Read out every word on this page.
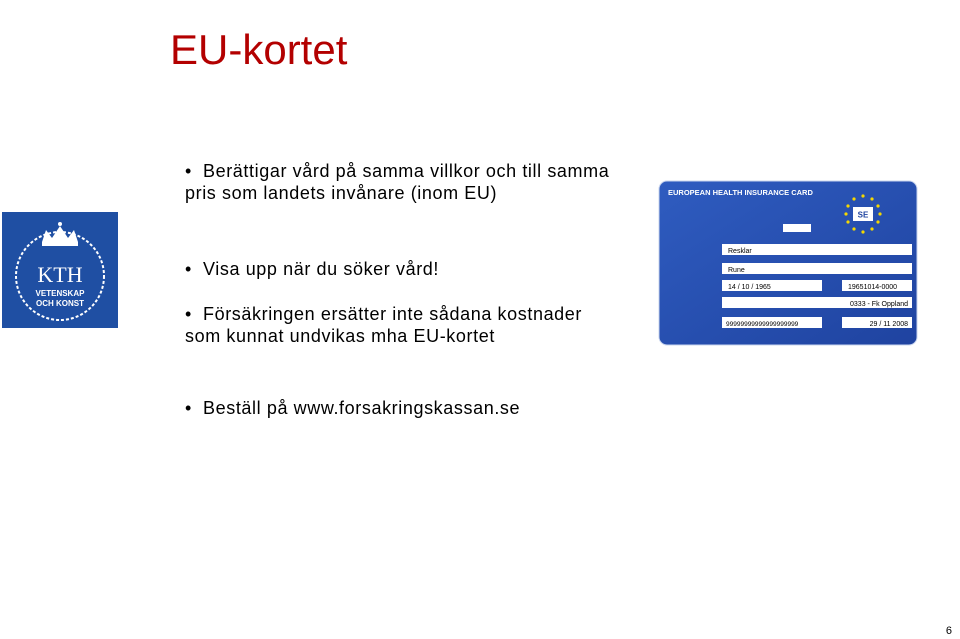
EU-kortet
KTH
VETENSKAP
OCH KONST

• Berättigar vård på samma villkor och till samma pris som landets invånare (inom EU)

• Visa upp när du söker vård!

• Försäkringen ersätter inte sådana kostnader som kunnat undvikas mha EU-kortet

• Beställ på www.forsakringskassan.se

EUROPEAN HEALTH INSURANCE CARD
SE
Resklar
Rune
14 / 10 / 1965	19651014-0000
0333 - Fk Oppland
99999999999999999999	29 / 11 2008
6
